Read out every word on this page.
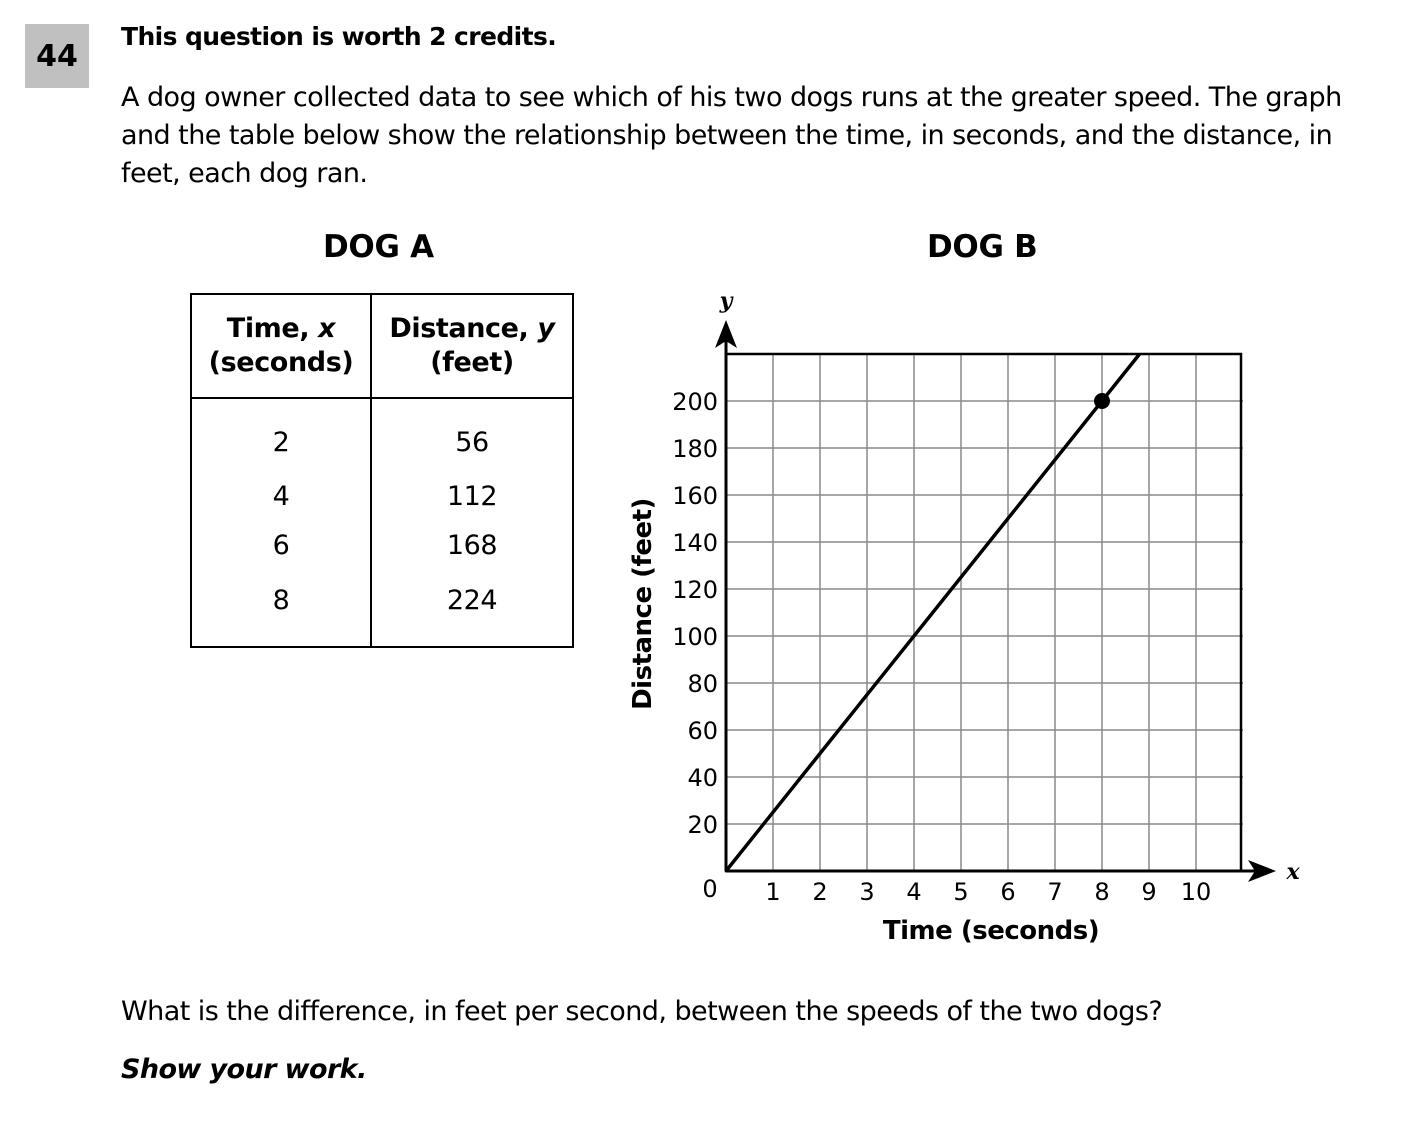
44
This question is worth 2 credits.
A dog owner collected data to see which of his two dogs runs at the greater speed. The graph and the table below show the relationship between the time, in seconds, and the distance, in feet, each dog ran.
DOG A	DOG B
Time, x
(seconds)	Distance, y
(feet)
2	56
4	112
6	168
8	224
y
x
20
40
60
80
100
120
140
160
180
200
1 2 3 4 5 6 7 8 9 10
0
Time (seconds)
Distance (feet)
What is the difference, in feet per second, between the speeds of the two dogs?
Show your work.
